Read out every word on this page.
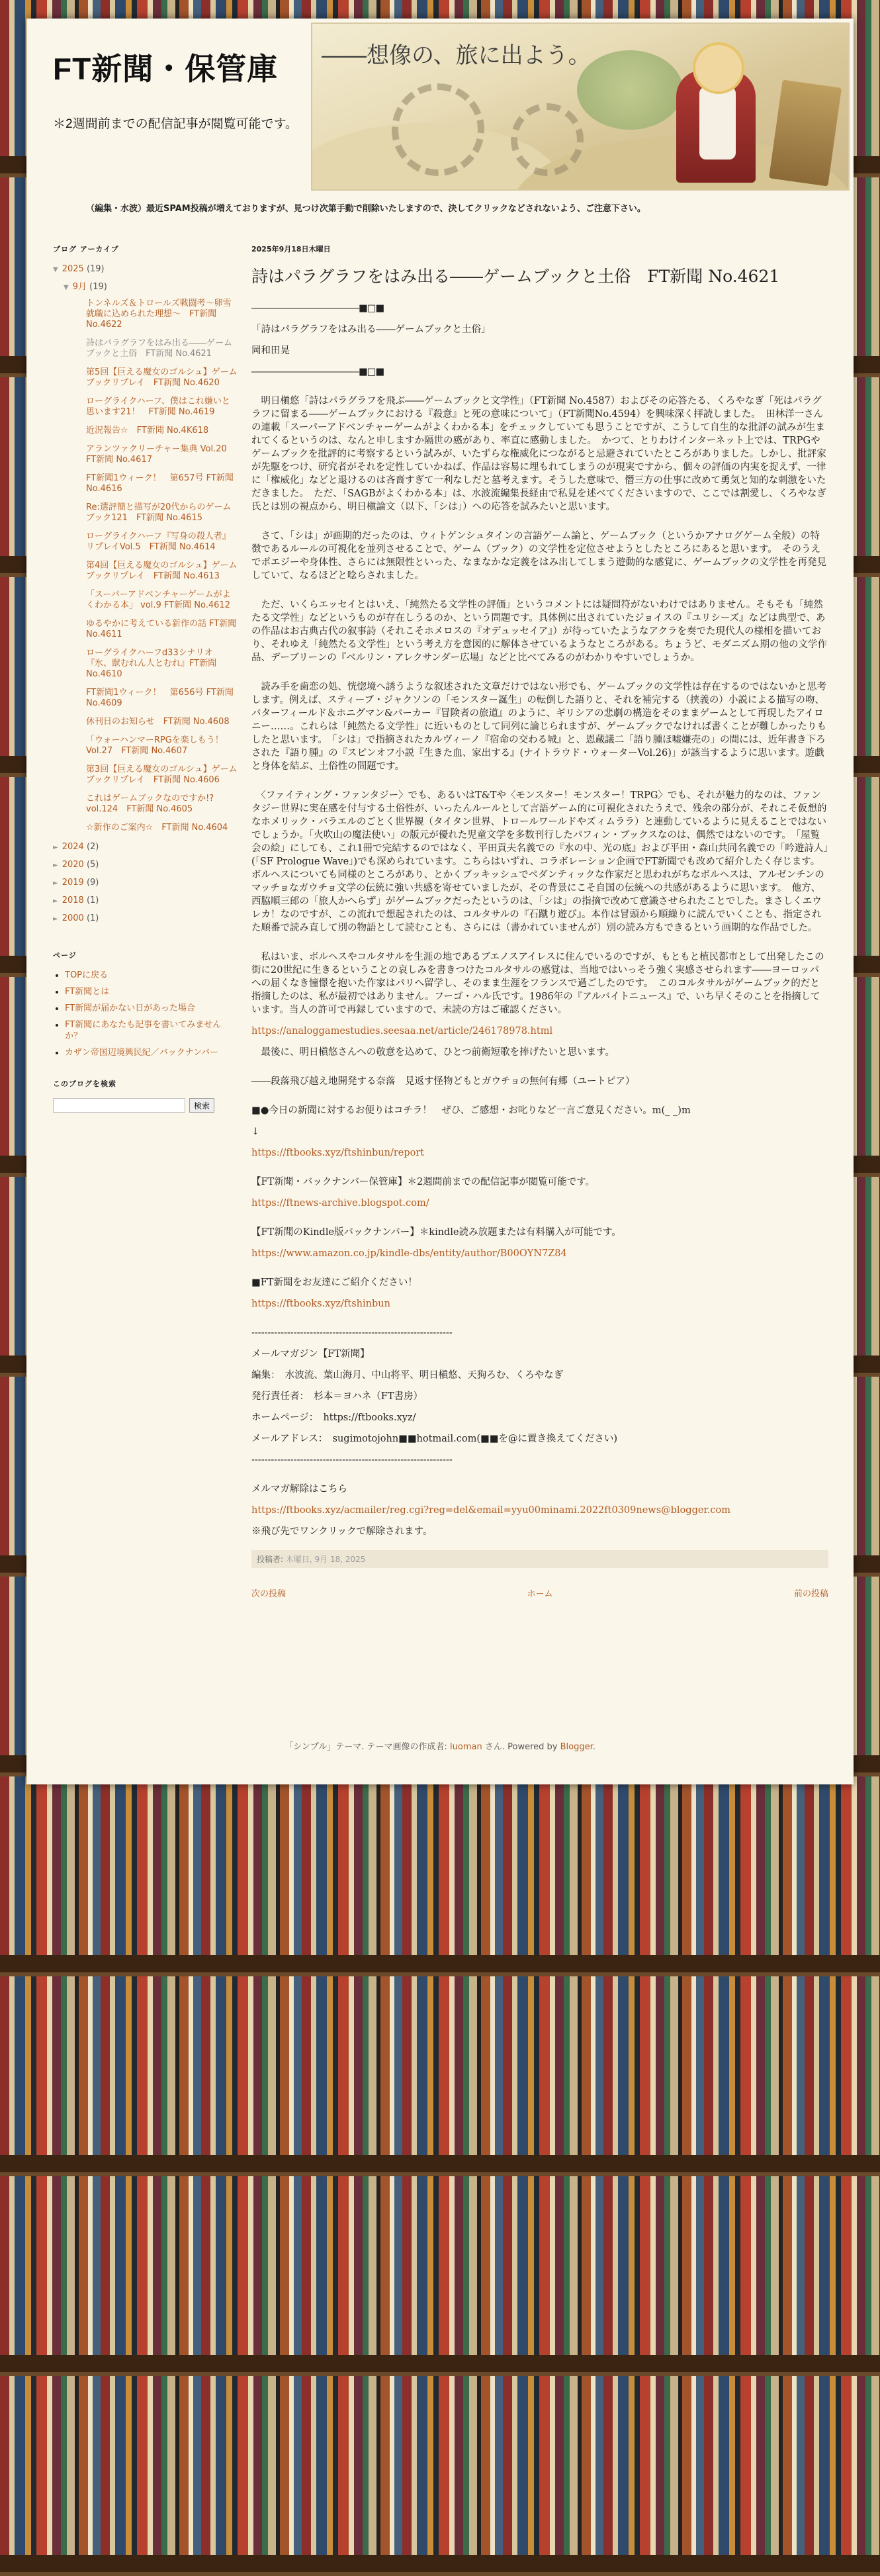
FT新聞・保管庫
＊2週間前までの配信記事が閲覧可能です。
――想像の、旅に出よう。
（編集・水波）最近SPAM投稿が増えておりますが、見つけ次第手動で削除いたしますので、決してクリックなどされないよう、ご注意下さい。
ブログ アーカイブ
▼ 2025 (19)
▼ 9月 (19)
トンネルズ＆トロールズ戦闘考～卵雪就職に込められた理想～　FT新聞 No.4622
詩はパラグラフをはみ出る――ゲームブックと土俗　FT新聞 No.4621
第5回【巨える魔女のゴルシュ】ゲームブックリプレイ　FT新聞 No.4620
ローグライクハーフ、僕はこれ嫌いと思います21！　FT新聞 No.4619
近況報告☆　FT新聞 No.4K618
アランツァクリーチャー集典 Vol.20　FT新聞 No.4617
FT新聞1ウィーク！　第657号 FT新聞 No.4616
Re:選評簡と描写が20代からのゲームブック121　FT新聞 No.4615
ローグライクハーフ『写身の殺人者』リプレイVol.5　FT新聞 No.4614
第4回【巨える魔女のゴルシュ】ゲームブックリプレイ　FT新聞 No.4613
「スーパーアドベンチャーゲームがよくわかる本」 vol.9 FT新聞 No.4612
ゆるやかに考えている新作の話 FT新聞 No.4611
ローグライクハーフd33シナリオ『氷、獣むれん人とむれ』FT新聞 No.4610
FT新聞1ウィーク！　第656号 FT新聞 No.4609
休刊日のお知らせ　FT新聞 No.4608
「ウォーハンマーRPGを楽しもう！　Vol.27　FT新聞 No.4607
第3回【巨える魔女のゴルシュ】ゲームブックリプレイ　FT新聞 No.4606
これはゲームブックなのですか!?　vol.124　FT新聞 No.4605
☆新作のご案内☆　FT新聞 No.4604
► 2024 (2)
► 2020 (5)
► 2019 (9)
► 2018 (1)
► 2000 (1)
ページ
• TOPに戻る
• FT新聞とは
• FT新聞が届かない日があった場合
• FT新聞にあなたも記事を書いてみませんか？
• カザン帝国辺境興民紀／バックナンバー
このブログを検索
検索
2025年9月18日木曜日
詩はパラグラフをはみ出る――ゲームブックと土俗　FT新聞 No.4621

――――――――――――■□■

「詩はパラグラフをはみ出る――ゲームブックと土俗」

岡和田晃

――――――――――――■□■

　明日槇悠「詩はパラグラフを飛ぶ――ゲームブックと文学性」（FT新聞 No.4587）およびその応答たる、くろやなぎ「死はパラグラフに留まる――ゲームブックにおける『殺意』と死の意味について」（FT新聞No.4594）を興味深く拝読しました。　田林洋一さんの連載「スーパーアドベンチャーゲームがよくわかる本」をチェックしていても思うことですが、こうして自生的な批評の試みが生まれてくるというのは、なんと申しますか隔世の感があり、率直に感動しました。　かつて、とりわけインターネット上では、TRPGやゲームブックを批評的に考察するという試みが、いたずらな権威化につながると忌避されていたところがありました。しかし、批評家が先駆をつけ、研究者がそれを定性していかねば、作品は容易に埋もれてしまうのが現実ですから、個々の評価の内実を捉えず、一律に「権威化」などと退けるのは吝嗇すぎて一利なしだと墓考えます。そうした意味で、僭三方の仕事に改めて勇気と知的な刺激をいただきました。　ただ、「SAGBがよくわかる本」は、水波流編集長経由で私見を述べてくださいますので、ここでは割愛し、くろやなぎ氏とは別の視点から、明日槇論文（以下、「シは」）への応答を試みたいと思います。

　さて、「シは」が画期的だったのは、ウィトゲンシュタインの言語ゲーム論と、ゲームブック（というかアナログゲーム全般）の特徴であるルールの可視化を並列させることで、ゲーム（ブック）の文学性を定位させようとしたところにあると思います。　そのうえでポエジーや身体性、さらには無限性といった、なまなかな定義をはみ出してしまう遊動的な感覚に、ゲームブックの文学性を再発見していて、なるほどと唸らされました。

　ただ、いくらエッセイとはいえ、「純然たる文学性の評価」というコメントには疑問符がないわけではありません。そもそも「純然たる文学性」などというものが存在しうるのか、という問題です。具体例に出されていたジョイスの『ユリシーズ』などは典型で、あの作品はお古典古代の叙事詩（それこそホメロスの『オデュッセイア』）が待っていたようなアクラを奏でた現代人の様相を描いており、それゆえ「純然たる文学性」という考え方を意図的に解体させているようなところがある。ちょうど、モダニズム期の他の文学作品、デーブリーンの『ベルリン・アレクサンダー広場』などと比べてみるのがわかりやすいでしょうか。

　読み手を歯恋の処、恍惚境へ誘うような叙述された文章だけではない形でも、ゲームブックの文学性は存在するのではないかと思考します。例えば、スティーブ・ジャクソンの「モンスター誕生」の転倒した語りと、それを補完する（挟義の）小説による描写の吻、バターフィールド＆ホニグマン&パーカー『冒険者の旅道』のように、ギリシアの悲劇の構造をそのままゲームとして再現したアイロニー……。これらは「純然たる文学性」に近いものとして同列に論じられますが、ゲームブックでなければ書くことが難しかったりもしたと思います。　「シは」で指摘されたカルヴィーノ『宿命の交わる城』と、恩蔵議二「語り腫ほ嘘嫌売の」の間には、近年書き下ろされた『語り腫』の『スピンオフ小説『生きた血、家出する』(ナイトラウド・ウォーターVol.26)」が該当するように思います。遊戯と身体を結ぶ、土俗性の問題です。

　〈ファイティング・ファンタジー〉でも、あるいはT&Tや〈モンスター！モンスター！TRPG〉でも、それが魅力的なのは、ファンタジー世界に実在感を付与する土俗性が、いったんルールとして言語ゲーム的に可視化されたうえで、残余の部分が、それこそ仮想的なホメリック・バラエルのごとく世界観（タイタン世界、トロールワールドやズィムララ）と連動しているように見えることではないでしょうか。「火吹山の魔法使い」の版元が優れた児童文学を多数刊行したパフィン・ブックスなのは、偶然ではないのです。　「屋覧会の絵」にしても、これ1冊で完結するのではなく、平田貢夫名義での『水の中、光の底』および平田・森山共同名義での「吟遊詩人」(「SF Prologue Wave」)でも深められています。こちらはいずれ、コラボレーション企画でFT新聞でも改めて紹介したく存じます。　ボルヘスについても同様のところがあり、とかくブッキッシュでペダンティックな作家だと思われがちなボルヘスは、アルゼンチンのマッチョなガウチョ文学の伝統に強い共感を寄せていましたが、その背景にこそ自国の伝統への共感があるように思います。　他方、西脇順三郎の「旅人かへらず」がゲームブックだったというのは、「シは」の指摘で改めて意識させられたことでした。まさしくエウレカ！なのですが、この流れで想起されたのは、コルタサルの『石蹴り遊び』。本作は冒頭から順繰りに読んでいくことも、指定された順番で読み直して別の物語として読むことも、さらには（書かれていませんが）別の読み方もできるという画期的な作品でした。

　私はいま、ボルヘスやコルタサルを生涯の地であるブエノスアイレスに住んでいるのですが、もともと植民都市として出発したこの街に20世紀に生きるということの哀しみを書きつけたコルタサルの感覚は、当地ではいっそう強く実感させられます――ヨーロッパへの屈くなき憧憬を抱いた作家はパリへ留学し、そのまま生涯をフランスで過ごしたのです。　このコルタサルがゲームブック的だと指摘したのは、私が最初ではありません。フーゴ・ハル氏です。1986年の『アルバイトニュース』で、いち早くそのことを指摘しています。当人の許可で再録していますので、未読の方はご確認ください。

https://analoggamestudies.seesaa.net/article/246178978.html

　最後に、明日槇悠さんへの敬意を込めて、ひとつ前衛短歌を捧げたいと思います。

――段落飛び越え地開発する奈落　見返す怪物どもとガウチョの無何有郷（ユートピア）

■●今日の新聞に対するお便りはコチラ！　ぜひ、ご感想・お叱りなど一言ご意見ください。m(_ _)m

↓

https://ftbooks.xyz/ftshinbun/report

【FT新聞・バックナンバー保管庫】＊2週間前までの配信記事が閲覧可能です。

https://ftnews-archive.blogspot.com/

【FT新聞のKindle版バックナンバー】＊kindle読み放題または有料購入が可能です。

https://www.amazon.co.jp/kindle-dbs/entity/author/B00OYN7Z84

■FT新聞をお友達にご紹介ください！

https://ftbooks.xyz/ftshinbun

--------------------------------------------------------------

メールマガジン【FT新聞】

編集：　水波流、葉山海月、中山将平、明日槇悠、天狗ろむ、くろやなぎ

発行責任者：　杉本＝ヨハネ（FT書房）

ホームページ：　https://ftbooks.xyz/

メールアドレス：　sugimotojohn■■hotmail.com(■■を@に置き換えてください)

--------------------------------------------------------------

メルマガ解除はこちら

https://ftbooks.xyz/acmailer/reg.cgi?reg=del&email=yyu00minami.2022ft0309news@blogger.com

※飛び先でワンクリックで解除されます。

投稿者: 木曜日, 9月 18, 2025
次の投稿	ホーム	前の投稿
「シンプル」テーマ. テーマ画像の作成者: luoman さん. Powered by Blogger.
